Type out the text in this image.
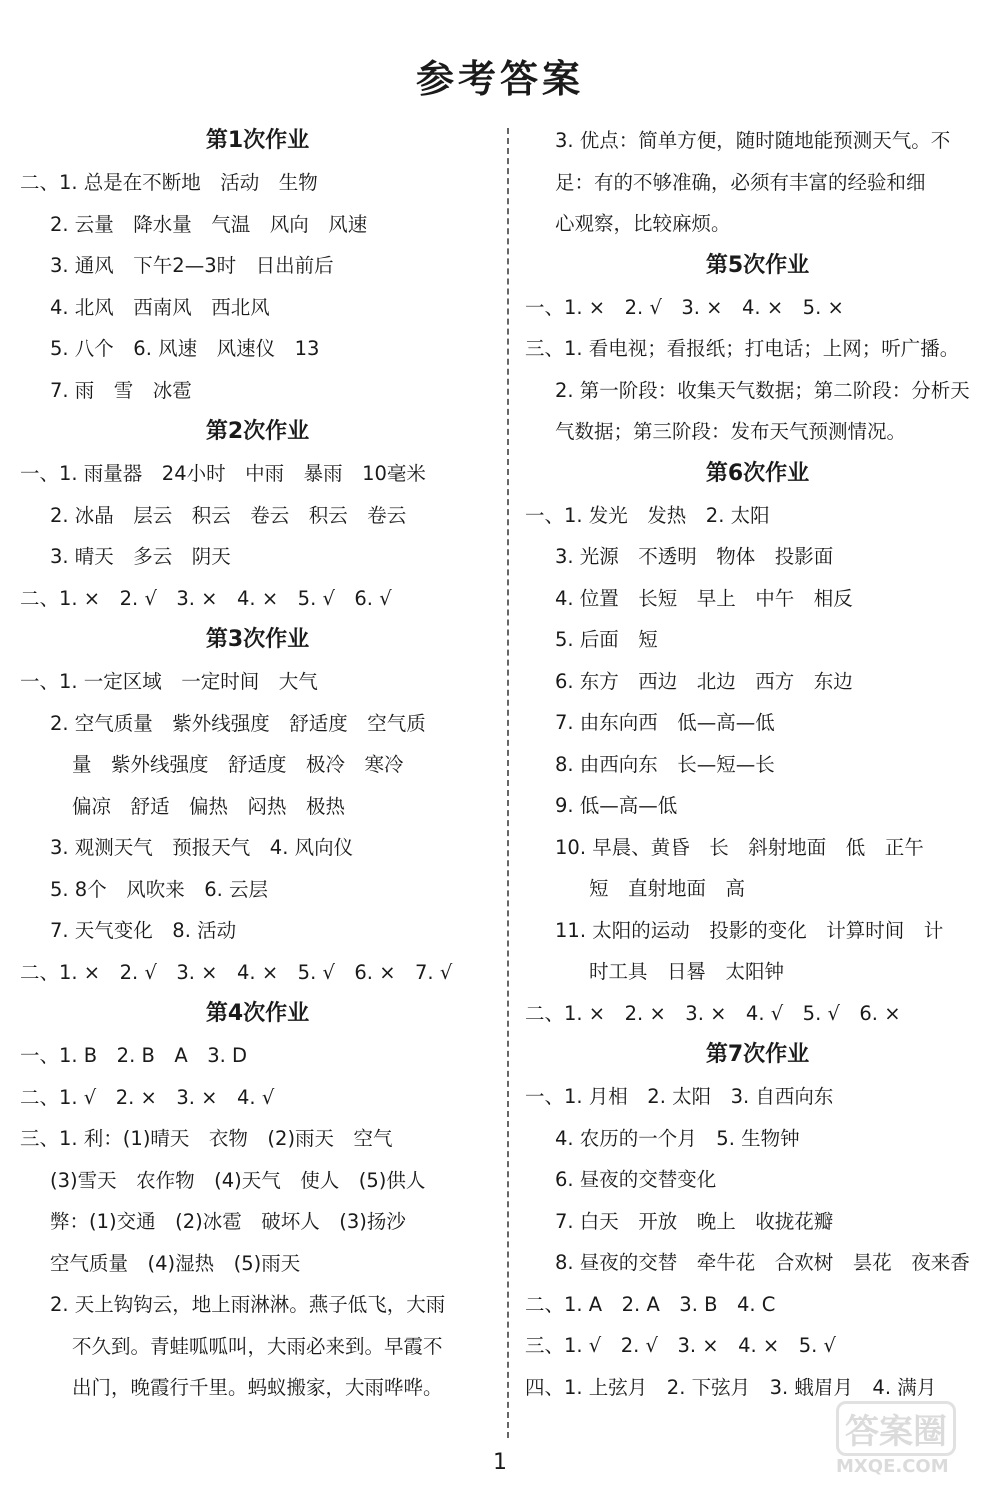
参考答案
第1次作业
二、1. 总是在不断地　活动　生物
2. 云量　降水量　气温　风向　风速
3. 通风　下午2—3时　日出前后
4. 北风　西南风　西北风
5. 八个　6. 风速　风速仪　13
7. 雨　雪　冰雹
第2次作业
一、1. 雨量器　24小时　中雨　暴雨　10毫米
2. 冰晶　层云　积云　卷云　积云　卷云
3. 晴天　多云　阴天
二、1. ×　2. √　3. ×　4. ×　5. √　6. √
第3次作业
一、1. 一定区域　一定时间　大气
2. 空气质量　紫外线强度　舒适度　空气质
量　紫外线强度　舒适度　极冷　寒冷
偏凉　舒适　偏热　闷热　极热
3. 观测天气　预报天气　4. 风向仪
5. 8个　风吹来　6. 云层
7. 天气变化　8. 活动
二、1. ×　2. √　3. ×　4. ×　5. √　6. ×　7. √
第4次作业
一、1. B　2. B　A　3. D
二、1. √　2. ×　3. ×　4. √
三、1. 利：(1)晴天　衣物　(2)雨天　空气
(3)雪天　农作物　(4)天气　使人　(5)供人
弊：(1)交通　(2)冰雹　破坏人　(3)扬沙
空气质量　(4)湿热　(5)雨天
2. 天上钩钩云，地上雨淋淋。燕子低飞，大雨
不久到。青蛙呱呱叫，大雨必来到。早霞不
出门，晚霞行千里。蚂蚁搬家，大雨哗哗。
3. 优点：简单方便，随时随地能预测天气。不
足：有的不够准确，必须有丰富的经验和细
心观察，比较麻烦。
第5次作业
一、1. ×　2. √　3. ×　4. ×　5. ×
三、1. 看电视；看报纸；打电话；上网；听广播。
2. 第一阶段：收集天气数据；第二阶段：分析天
气数据；第三阶段：发布天气预测情况。
第6次作业
一、1. 发光　发热　2. 太阳
3. 光源　不透明　物体　投影面
4. 位置　长短　早上　中午　相反
5. 后面　短
6. 东方　西边　北边　西方　东边
7. 由东向西　低—高—低
8. 由西向东　长—短—长
9. 低—高—低
10. 早晨、黄昏　长　斜射地面　低　正午
短　直射地面　高
11. 太阳的运动　投影的变化　计算时间　计
时工具　日晷　太阳钟
二、1. ×　2. ×　3. ×　4. √　5. √　6. ×
第7次作业
一、1. 月相　2. 太阳　3. 自西向东
4. 农历的一个月　5. 生物钟
6. 昼夜的交替变化
7. 白天　开放　晚上　收拢花瓣
8. 昼夜的交替　牵牛花　合欢树　昙花　夜来香
二、1. A　2. A　3. B　4. C
三、1. √　2. √　3. ×　4. ×　5. √
四、1. 上弦月　2. 下弦月　3. 蛾眉月　4. 满月
1
答案圈
MXQE.COM
